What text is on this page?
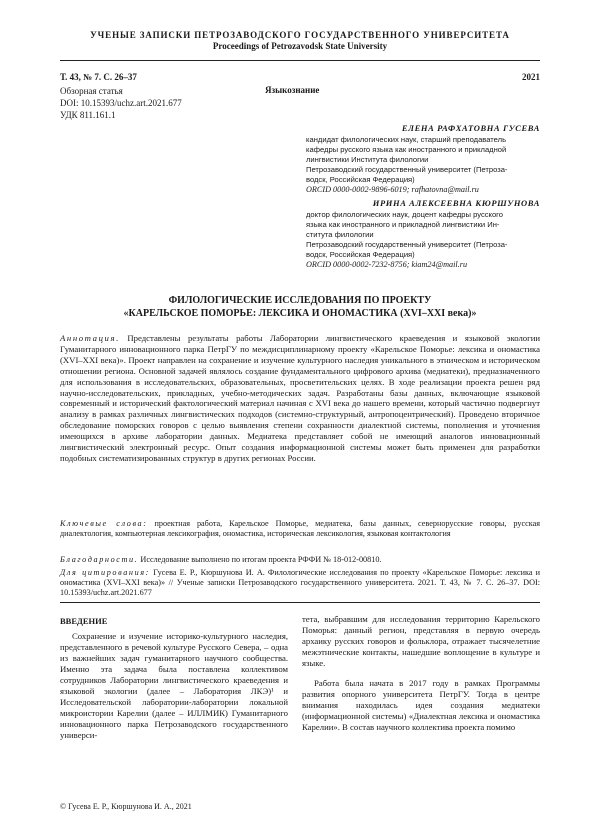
УЧЕНЫЕ ЗАПИСКИ ПЕТРОЗАВОДСКОГО ГОСУДАРСТВЕННОГО УНИВЕРСИТЕТА
Proceedings of Petrozavodsk State University
Т. 43, № 7. С. 26–37	2021
Обзорная статья	Языкознание
DOI: 10.15393/uchz.art.2021.677
УДК 811.161.1
ЕЛЕНА РАФХАТОВНА ГУСЕВА
кандидат филологических наук, старший преподаватель
кафедры русского языка как иностранного и прикладной
лингвистики Института филологии
Петрозаводский государственный университет (Петроза-
водск, Российская Федерация)
ORCID 0000-0002-9896-6019; rafhatovna@mail.ru
ИРИНА АЛЕКСЕЕВНА КЮРШУНОВА
доктор филологических наук, доцент кафедры русского
языка как иностранного и прикладной лингвистики Ин-
ститута филологии
Петрозаводский государственный университет (Петроза-
водск, Российская Федерация)
ORCID 0000-0002-7232-8756; kiam24@mail.ru
ФИЛОЛОГИЧЕСКИЕ ИССЛЕДОВАНИЯ ПО ПРОЕКТУ
«КАРЕЛЬСКОЕ ПОМОРЬЕ: ЛЕКСИКА И ОНОМАСТИКА (XVI–XXI века)»
Аннотация. Представлены результаты работы Лаборатории лингвистического краеведения и языковой экологии Гуманитарного инновационного парка ПетрГУ по междисциплинарному проекту «Карельское Поморье: лексика и ономастика (XVI–XXI века)». Проект направлен на сохранение и изучение культурного наследия уникального в этническом и историческом отношении региона. Основной задачей являлось создание фундаментального цифрового архива (медиатеки), предназначенного для использования в исследовательских, образовательных, просветительских целях. В ходе реализации проекта решен ряд научно-исследовательских, прикладных, учебно-методических задач. Разработаны базы данных, включающие языковой современный и исторический фактологический материал начиная с XVI века до нашего времени, который частично подвергнут анализу в рамках различных лингвистических подходов (системно-структурный, антропоцентрический). Проведено вторичное обследование поморских говоров с целью выявления степени сохранности диалектной системы, пополнения и уточнения имеющихся в архиве лаборатории данных. Медиатека представляет собой не имеющий аналогов инновационный лингвистический электронный ресурс. Опыт создания информационной системы может быть применен для разработки подобных систематизированных структур в других регионах России.
Ключевые слова: проектная работа, Карельское Поморье, медиатека, базы данных, севернорусские говоры, русская диалектология, компьютерная лексикография, ономастика, историческая лексикология, языковая контактология
Благодарности. Исследование выполнено по итогам проекта РФФИ № 18-012-00810.
Для цитирования: Гусева Е. Р., Кюршунова И. А. Филологические исследования по проекту «Карельское Поморье: лексика и ономастика (XVI–XXI века)» // Ученые записки Петрозаводского государственного университета. 2021. Т. 43, № 7. С. 26–37. DOI: 10.15393/uchz.art.2021.677
ВВЕДЕНИЕ

Сохранение и изучение историко-культурного наследия, представленного в речевой культуре Русского Севера, – одна из важнейших задач гуманитарного научного сообщества. Именно эта задача была поставлена коллективом сотрудников Лаборатории лингвистического краеведения и языковой экологии (далее – Лаборатория ЛКЭ)¹ и Исследовательской лаборатории-лаборатории локальной микроистории Карелии (далее – ИЛЛМИК) Гуманитарного инновационного парка Петрозаводского государственного универси-

тета, выбравшим для исследования территорию Карельского Поморья: данный регион, представляя в первую очередь архаику русских говоров и фольклора, отражает тысячелетние межэтнические контакты, нашедшие воплощение в культуре и языке.

Работа была начата в 2017 году в рамках Программы развития опорного университета ПетрГУ. Тогда в центре внимания находилась идея создания медиатеки (информационной системы) «Диалектная лексика и ономастика Карелии». В состав научного коллектива проекта помимо

© Гусева Е. Р., Кюршунова И. А., 2021
